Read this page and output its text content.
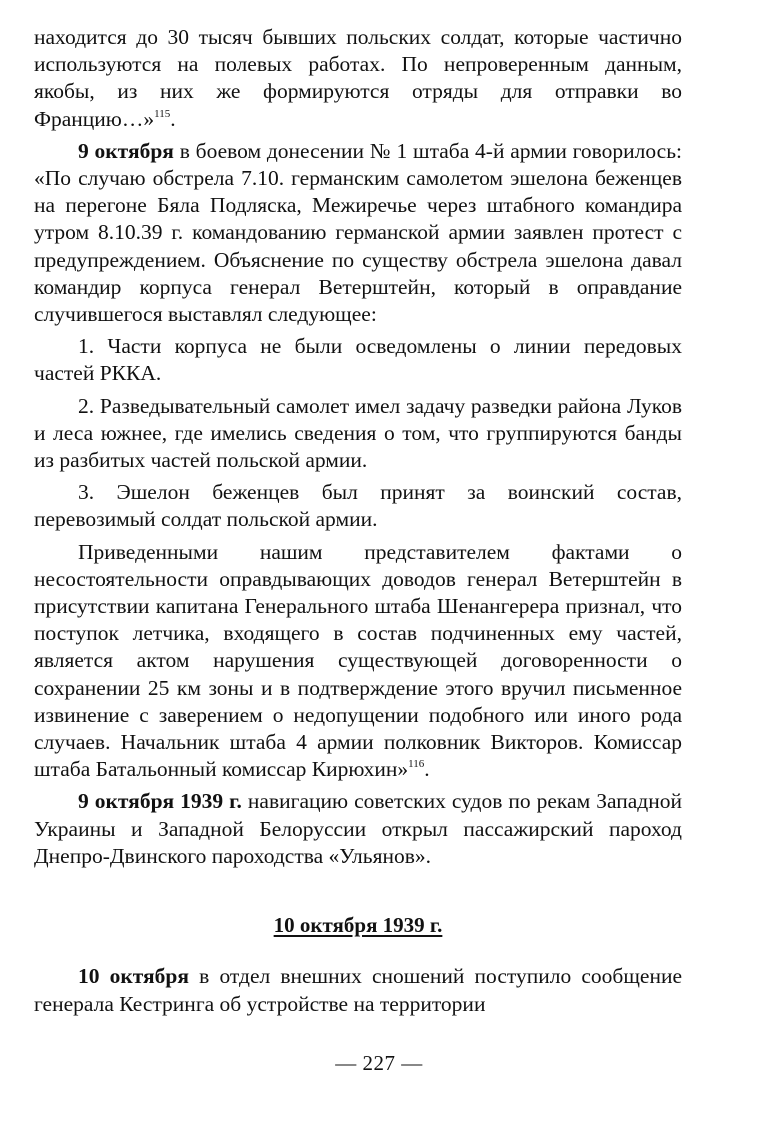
находится до 30 тысяч бывших польских солдат, которые частично используются на полевых работах. По непроверенным данным, якобы, из них же формируются отряды для отправки во Францию…»$^{115}$.

9 октября в боевом донесении № 1 штаба 4-й армии говорилось: «По случаю обстрела 7.10. германским самолетом эшелона беженцев на перегоне Бяла Подляска, Межиречье через штабного командира утром 8.10.39 г. командованию германской армии заявлен протест с предупреждением. Объяснение по существу обстрела эшелона давал командир корпуса генерал Ветерштейн, который в оправдание случившегося выставлял следующее:

1. Части корпуса не были осведомлены о линии передовых частей РККА.

2. Разведывательный самолет имел задачу разведки района Луков и леса южнее, где имелись сведения о том, что группируются банды из разбитых частей польской армии.

3. Эшелон беженцев был принят за воинский состав, перевозимый солдат польской армии.

Приведенными нашим представителем фактами о несостоятельности оправдывающих доводов генерал Ветерштейн в присутствии капитана Генерального штаба Шенангерера признал, что поступок летчика, входящего в состав подчиненных ему частей, является актом нарушения существующей договоренности о сохранении 25 км зоны и в подтверждение этого вручил письменное извинение с заверением о недопущении подобного или иного рода случаев. Начальник штаба 4 армии полковник Викторов. Комиссар штаба Батальонный комиссар Кирюхин»$^{116}$.

9 октября 1939 г. навигацию советских судов по рекам Западной Украины и Западной Белоруссии открыл пассажирский пароход Днепро-Двинского пароходства «Ульянов».

10 октября 1939 г.

10 октября в отдел внешних сношений поступило сообщение генерала Кестринга об устройстве на территории

— 227 —
